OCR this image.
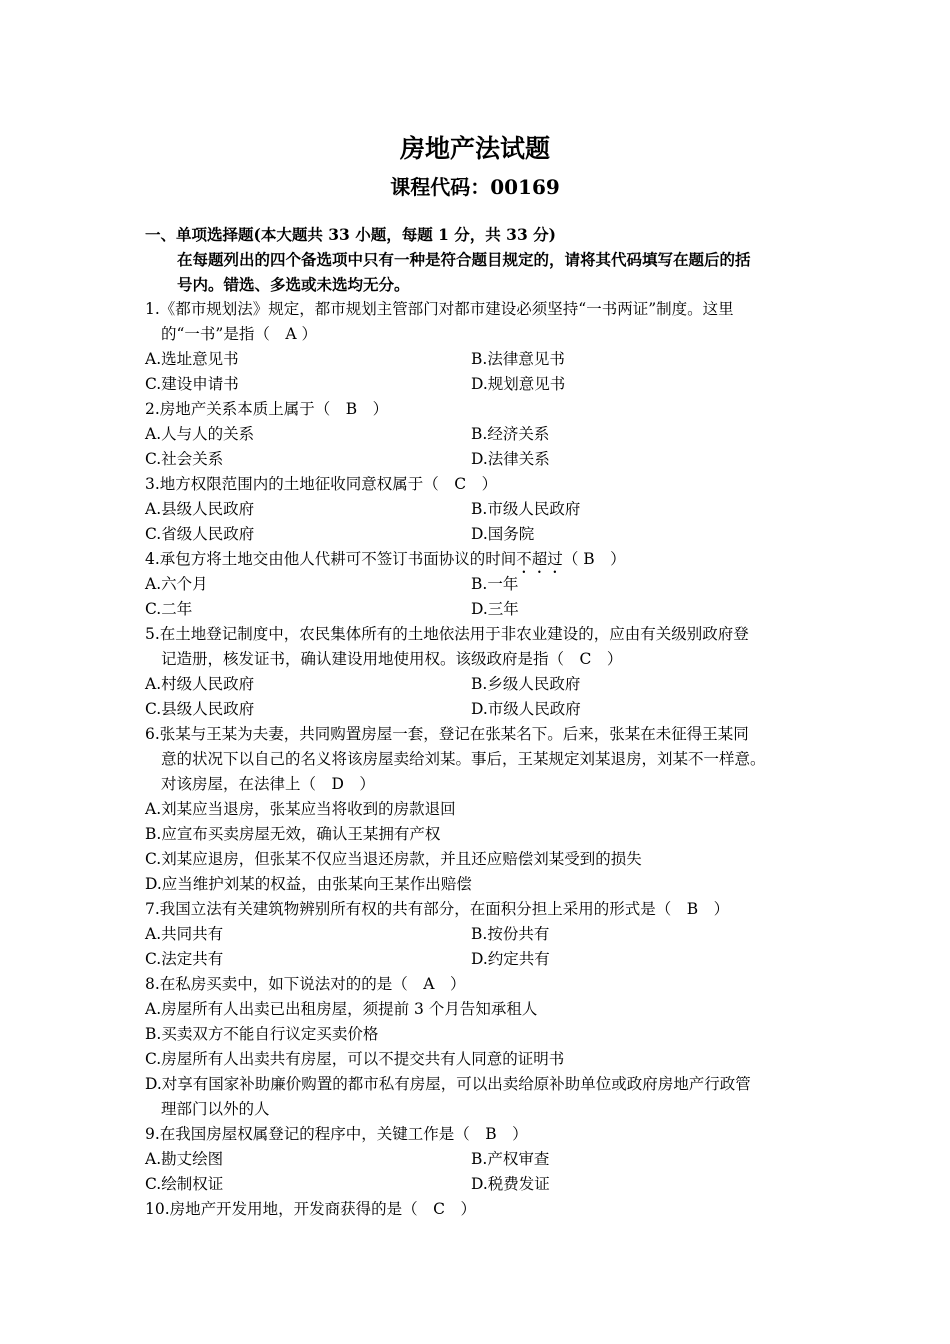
房地产法试题
课程代码：00169
一、单项选择题(本大题共 33 小题，每题 1 分，共 33 分)
在每题列出的四个备选项中只有一种是符合题目规定的，请将其代码填写在题后的括
号内。错选、多选或未选均无分。
1.《都市规划法》规定，都市规划主管部门对都市建设必须坚持“一书两证”制度。这里
的“一书”是指（　A ）
A.选址意见书	B.法律意见书
C.建设申请书	D.规划意见书
2.房地产关系本质上属于（　B　）
A.人与人的关系	B.经济关系
C.社会关系	D.法律关系
3.地方权限范围内的土地征收同意权属于（　C　）
A.县级人民政府	B.市级人民政府
C.省级人民政府	D.国务院
4.承包方将土地交由他人代耕可不签订书面协议的时间不超过（ B　）
A.六个月	B.一年
C.二年	D.三年
5.在土地登记制度中，农民集体所有的土地依法用于非农业建设的，应由有关级别政府登
记造册，核发证书，确认建设用地使用权。该级政府是指（　C　）
A.村级人民政府	B.乡级人民政府
C.县级人民政府	D.市级人民政府
6.张某与王某为夫妻，共同购置房屋一套，登记在张某名下。后来，张某在未征得王某同
意的状况下以自己的名义将该房屋卖给刘某。事后，王某规定刘某退房，刘某不一样意。
对该房屋，在法律上（　D　）
A.刘某应当退房，张某应当将收到的房款退回
B.应宣布买卖房屋无效，确认王某拥有产权
C.刘某应退房，但张某不仅应当退还房款，并且还应赔偿刘某受到的损失
D.应当维护刘某的权益，由张某向王某作出赔偿
7.我国立法有关建筑物辨别所有权的共有部分，在面积分担上采用的形式是（　B　）
A.共同共有	B.按份共有
C.法定共有	D.约定共有
8.在私房买卖中，如下说法对的的是（　A　）
A.房屋所有人出卖已出租房屋，须提前 3 个月告知承租人
B.买卖双方不能自行议定买卖价格
C.房屋所有人出卖共有房屋，可以不提交共有人同意的证明书
D.对享有国家补助廉价购置的都市私有房屋，可以出卖给原补助单位或政府房地产行政管
理部门以外的人
9.在我国房屋权属登记的程序中，关键工作是（　B　）
A.勘丈绘图	B.产权审查
C.绘制权证	D.税费发证
10.房地产开发用地，开发商获得的是（　C　）
